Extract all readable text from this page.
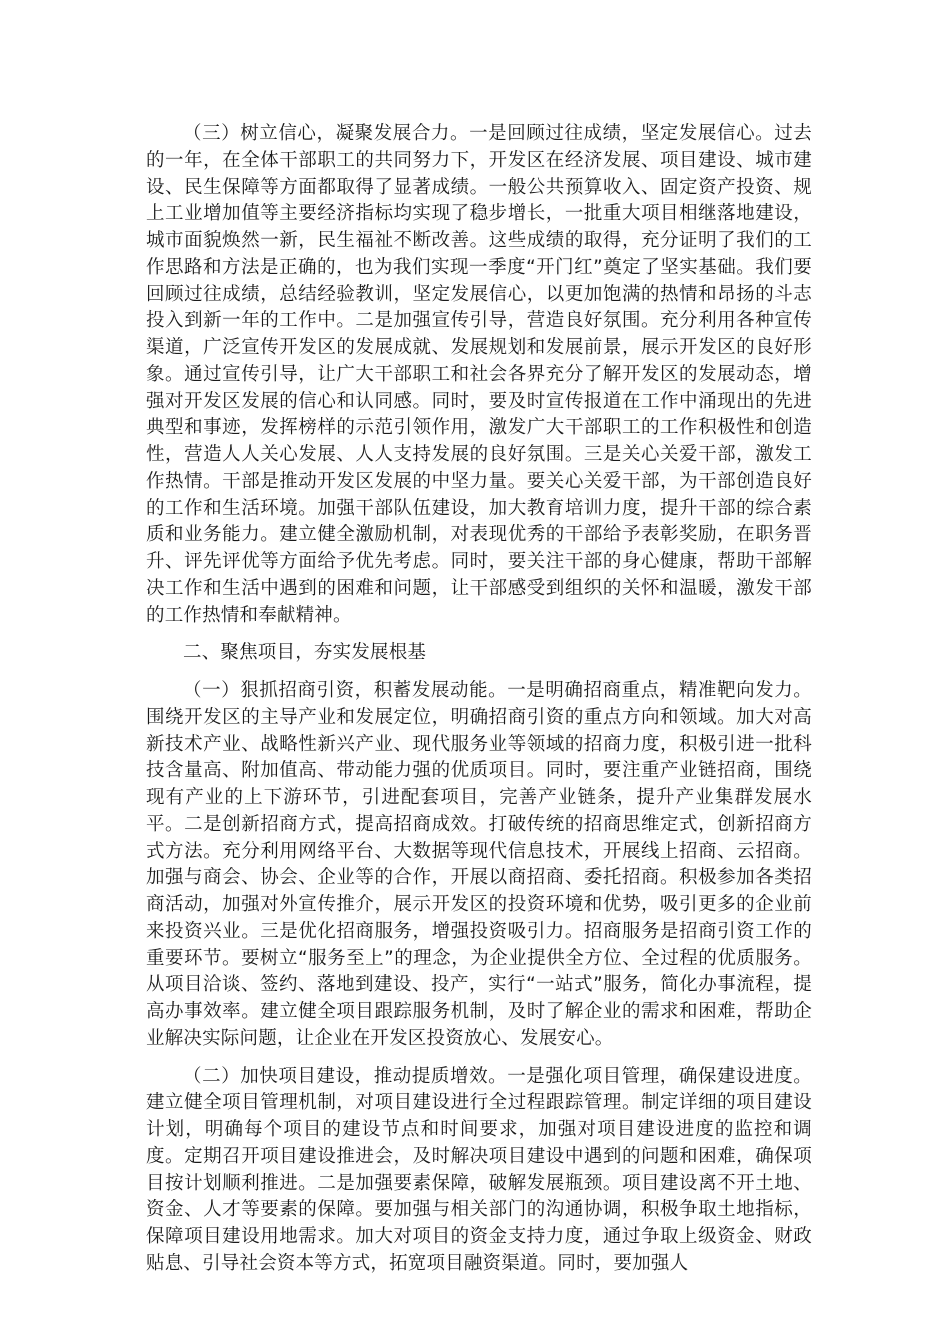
（三）树立信心，凝聚发展合力。一是回顾过往成绩，坚定发展信心。过去的一年，在全体干部职工的共同努力下，开发区在经济发展、项目建设、城市建设、民生保障等方面都取得了显著成绩。一般公共预算收入、固定资产投资、规上工业增加值等主要经济指标均实现了稳步增长，一批重大项目相继落地建设，城市面貌焕然一新，民生福祉不断改善。这些成绩的取得，充分证明了我们的工作思路和方法是正确的，也为我们实现一季度“开门红”奠定了坚实基础。我们要回顾过往成绩，总结经验教训，坚定发展信心，以更加饱满的热情和昂扬的斗志投入到新一年的工作中。二是加强宣传引导，营造良好氛围。充分利用各种宣传渠道，广泛宣传开发区的发展成就、发展规划和发展前景，展示开发区的良好形象。通过宣传引导，让广大干部职工和社会各界充分了解开发区的发展动态，增强对开发区发展的信心和认同感。同时，要及时宣传报道在工作中涌现出的先进典型和事迹，发挥榜样的示范引领作用，激发广大干部职工的工作积极性和创造性，营造人人关心发展、人人支持发展的良好氛围。三是关心关爱干部，激发工作热情。干部是推动开发区发展的中坚力量。要关心关爱干部，为干部创造良好的工作和生活环境。加强干部队伍建设，加大教育培训力度，提升干部的综合素质和业务能力。建立健全激励机制，对表现优秀的干部给予表彰奖励，在职务晋升、评先评优等方面给予优先考虑。同时，要关注干部的身心健康，帮助干部解决工作和生活中遇到的困难和问题，让干部感受到组织的关怀和温暖，激发干部的工作热情和奉献精神。

二、聚焦项目，夯实发展根基

（一）狠抓招商引资，积蓄发展动能。一是明确招商重点，精准靶向发力。围绕开发区的主导产业和发展定位，明确招商引资的重点方向和领域。加大对高新技术产业、战略性新兴产业、现代服务业等领域的招商力度，积极引进一批科技含量高、附加值高、带动能力强的优质项目。同时，要注重产业链招商，围绕现有产业的上下游环节，引进配套项目，完善产业链条，提升产业集群发展水平。二是创新招商方式，提高招商成效。打破传统的招商思维定式，创新招商方式方法。充分利用网络平台、大数据等现代信息技术，开展线上招商、云招商。加强与商会、协会、企业等的合作，开展以商招商、委托招商。积极参加各类招商活动，加强对外宣传推介，展示开发区的投资环境和优势，吸引更多的企业前来投资兴业。三是优化招商服务，增强投资吸引力。招商服务是招商引资工作的重要环节。要树立“服务至上”的理念，为企业提供全方位、全过程的优质服务。从项目洽谈、签约、落地到建设、投产，实行“一站式”服务，简化办事流程，提高办事效率。建立健全项目跟踪服务机制，及时了解企业的需求和困难，帮助企业解决实际问题，让企业在开发区投资放心、发展安心。

（二）加快项目建设，推动提质增效。一是强化项目管理，确保建设进度。建立健全项目管理机制，对项目建设进行全过程跟踪管理。制定详细的项目建设计划，明确每个项目的建设节点和时间要求，加强对项目建设进度的监控和调度。定期召开项目建设推进会，及时解决项目建设中遇到的问题和困难，确保项目按计划顺利推进。二是加强要素保障，破解发展瓶颈。项目建设离不开土地、资金、人才等要素的保障。要加强与相关部门的沟通协调，积极争取土地指标，保障项目建设用地需求。加大对项目的资金支持力度，通过争取上级资金、财政贴息、引导社会资本等方式，拓宽项目融资渠道。同时，要加强人
